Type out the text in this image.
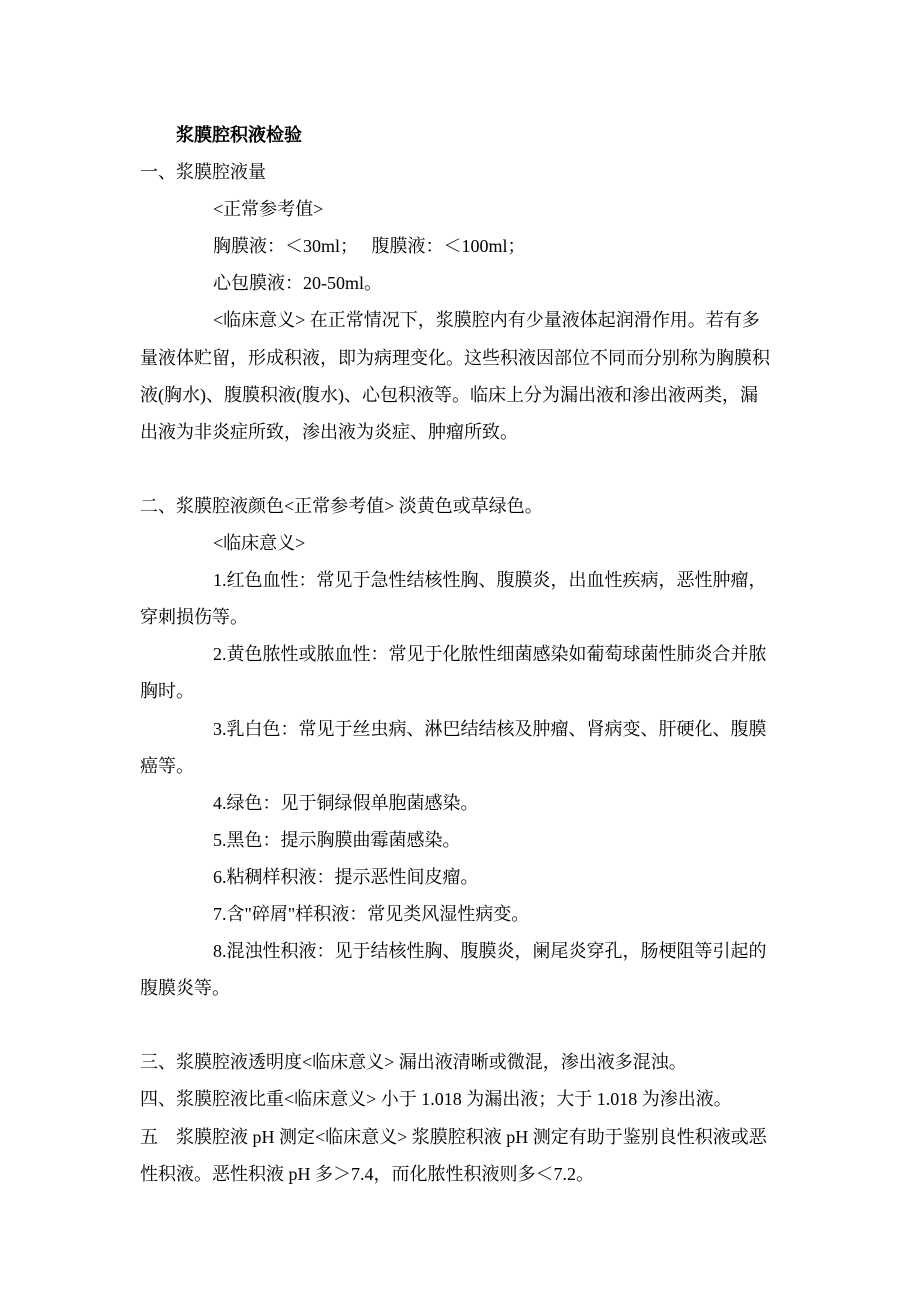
浆膜腔积液检验
一、浆膜腔液量
<正常参考值>
胸膜液：＜30ml；   腹膜液：＜100ml；
心包膜液：20-50ml。
<临床意义> 在正常情况下，浆膜腔内有少量液体起润滑作用。若有多
量液体贮留，形成积液，即为病理变化。这些积液因部位不同而分别称为胸膜积
液(胸水)、腹膜积液(腹水)、心包积液等。临床上分为漏出液和渗出液两类，漏
出液为非炎症所致，渗出液为炎症、肿瘤所致。
二、浆膜腔液颜色<正常参考值> 淡黄色或草绿色。
<临床意义>
1.红色血性：常见于急性结核性胸、腹膜炎，出血性疾病，恶性肿瘤，
穿刺损伤等。
2.黄色脓性或脓血性：常见于化脓性细菌感染如葡萄球菌性肺炎合并脓
胸时。
3.乳白色：常见于丝虫病、淋巴结结核及肿瘤、肾病变、肝硬化、腹膜
癌等。
4.绿色：见于铜绿假单胞菌感染。
5.黑色：提示胸膜曲霉菌感染。
6.粘稠样积液：提示恶性间皮瘤。
7.含"碎屑"样积液：常见类风湿性病变。
8.混浊性积液：见于结核性胸、腹膜炎，阑尾炎穿孔，肠梗阻等引起的
腹膜炎等。
三、浆膜腔液透明度<临床意义> 漏出液清晰或微混，渗出液多混浊。
四、浆膜腔液比重<临床意义> 小于 1.018 为漏出液；大于 1.018 为渗出液。
五　浆膜腔液 pH 测定<临床意义> 浆膜腔积液 pH 测定有助于鉴别良性积液或恶
性积液。恶性积液 pH 多＞7.4，而化脓性积液则多＜7.2。
